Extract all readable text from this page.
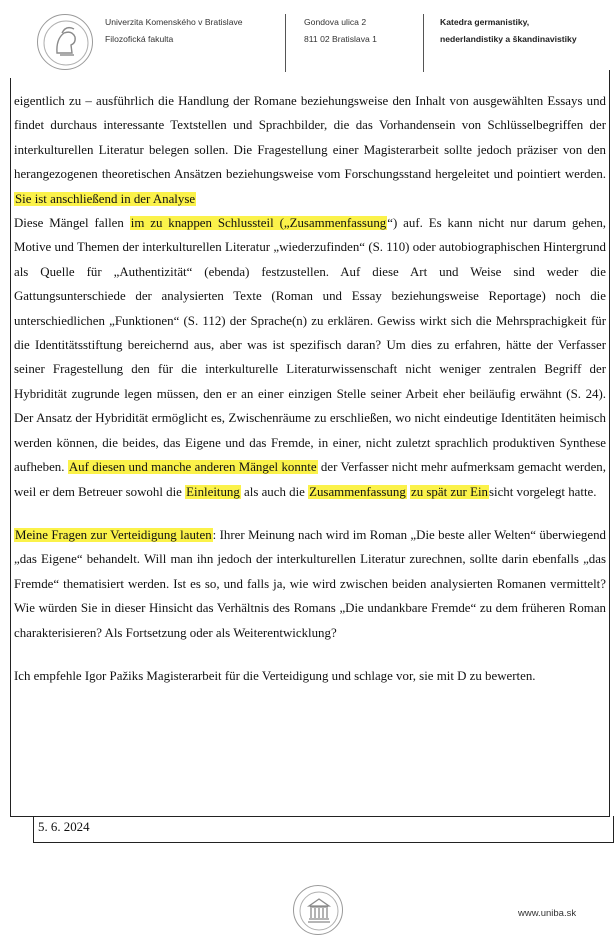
Univerzita Komenského v Bratislave
Filozofická fakulta
Gondova ulica 2
811 02 Bratislava 1
Katedra germanistiky,
nederlandistiky a škandinavistiky

eigentlich zu – ausführlich die Handlung der Romane beziehungsweise den Inhalt von ausgewählten Essays und findet durchaus interessante Textstellen und Sprachbilder, die das Vorhandensein von Schlüsselbegriffen der interkulturellen Literatur belegen sollen. Die Fragestellung einer Magisterarbeit sollte jedoch präziser von den herangezogenen theoretischen Ansätzen beziehungsweise vom Forschungsstand hergeleitet und pointiert werden. Sie ist anschließend in der Analyse

Diese Mängel fallen im zu knappen Schlussteil („Zusammenfassung“) auf. Es kann nicht nur darum gehen, Motive und Themen der interkulturellen Literatur „wiederzufinden“ (S. 110) oder autobiographischen Hintergrund als Quelle für „Authentizität“ (ebenda) festzustellen. Auf diese Art und Weise sind weder die Gattungsunterschiede der analysierten Texte (Roman und Essay beziehungsweise Reportage) noch die unterschiedlichen „Funktionen“ (S. 112) der Sprache(n) zu erklären. Gewiss wirkt sich die Mehrsprachigkeit für die Identitätsstiftung bereichernd aus, aber was ist spezifisch daran? Um dies zu erfahren, hätte der Verfasser seiner Fragestellung den für die interkulturelle Literaturwissenschaft nicht weniger zentralen Begriff der Hybridität zugrunde legen müssen, den er an einer einzigen Stelle seiner Arbeit eher beiläufig erwähnt (S. 24). Der Ansatz der Hybridität ermöglicht es, Zwischenräume zu erschließen, wo nicht eindeutige Identitäten heimisch werden können, die beides, das Eigene und das Fremde, in einer, nicht zuletzt sprachlich produktiven Synthese aufheben. Auf diesen und manche anderen Mängel konnte der Verfasser nicht mehr aufmerksam gemacht werden, weil er dem Betreuer sowohl die Einleitung als auch die Zusammenfassung zu spät zur Einsicht vorgelegt hatte.

Meine Fragen zur Verteidigung lauten: Ihrer Meinung nach wird im Roman „Die beste aller Welten“ überwiegend „das Eigene“ behandelt. Will man ihn jedoch der interkulturellen Literatur zurechnen, sollte darin ebenfalls „das Fremde“ thematisiert werden. Ist es so, und falls ja, wie wird zwischen beiden analysierten Romanen vermittelt? Wie würden Sie in dieser Hinsicht das Verhältnis des Romans „Die undankbare Fremde“ zu dem früheren Roman charakterisieren? Als Fortsetzung oder als Weiterentwicklung?

Ich empfehle Igor Pažiks Magisterarbeit für die Verteidigung und schlage vor, sie mit D zu bewerten.

5. 6. 2024
www.uniba.sk
